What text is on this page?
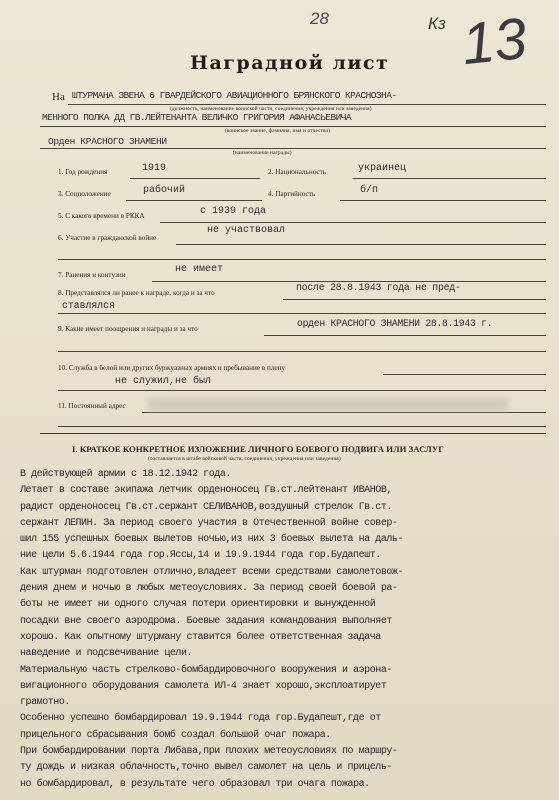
28	Кз 13
Наградной лист
На ШТУРМАНА ЗВЕНА 6 ГВАРДЕЙСКОГО АВИАЦИОННОГО БРЯНСКОГО КРАСНОЗНА-
(должность, наименование воинской части, соединения, учреждения или заведения)
МЕННОГО ПОЛКА ДД ГВ.ЛЕЙТЕНАНТА ВЕЛИЧКО ГРИГОРИЯ АФАНАСЬЕВИЧА
(воинское звание, фамилия, имя и отчество)
Орден КРАСНОГО ЗНАМЕНИ
(наименование награды)
1. Год рождения	1919	2. Национальность	украинец
3. Соцположение	рабочий	4. Партийность	б/п
5. С какого времени в РККА	с 1939 года
6. Участие в гражданской войне
не участвовал
7. Ранения и контузии	не имеет
8. Представлялся ли ранее к награде, когда и за что	после 28.8.1943 года не пред-
ставлялся
9. Какие имеет поощрения и награды и за что	орден КРАСНОГО ЗНАМЕНИ 28.8.1943 г.
10. Служба в белой или других буржуазных армиях и пребывание в плену
не служил,не был
11. Постоянный адрес
I. КРАТКОЕ КОНКРЕТНОЕ ИЗЛОЖЕНИЕ ЛИЧНОГО БОЕВОГО ПОДВИГА ИЛИ ЗАСЛУГ
(составляется в штабе войсковой части, соединения, учреждения или заведения)
В действующей армии с 18.12.1942 года.
Летает в составе экипажа летчик орденоносец Гв.ст.лейтенант ИВАНОВ,
радист орденоносец Гв.ст.сержант СЕЛИВАНОВ,воздушный стрелок Гв.ст.
сержант ЛЕПИН. За период своего участия в Отечественной войне совер-
шил 155 успешных боевых вылетов ночью,из них 3 боевых вылета на даль-
ние цели 5.6.1944 года гор.Яссы,14 и 19.9.1944 года гор.Будапешт.
Как штурман подготовлен отлично,владеет всеми средствами самолетовож-
дения днем и ночью в любых метеоусловиях. За период своей боевой ра-
боты не имеет ни одного случая потери ориентировки и вынужденной
посадки вне своего аэродрома. Боевые задания командования выполняет
хорошо. Как опытному штурману ставится более ответственная задача
наведение и подсвечивание цели.
Материальную часть стрелково-бомбардировочного вооружения и аэрона-
вигационного оборудования самолета ИЛ-4 знает хорошо,эксплоатирует
грамотно.
Особенно успешно бомбардировал 19.9.1944 года гор.Будапешт,где от
прицельного сбрасывания бомб создал большой очаг пожара.
При бомбардировании порта Либава,при плохих метеоусловиях по маршру-
ту дождь и низкая облачность,точно вывел самолет на цель и прицель-
но бомбардировал, в результате чего образовал три очага пожара.
